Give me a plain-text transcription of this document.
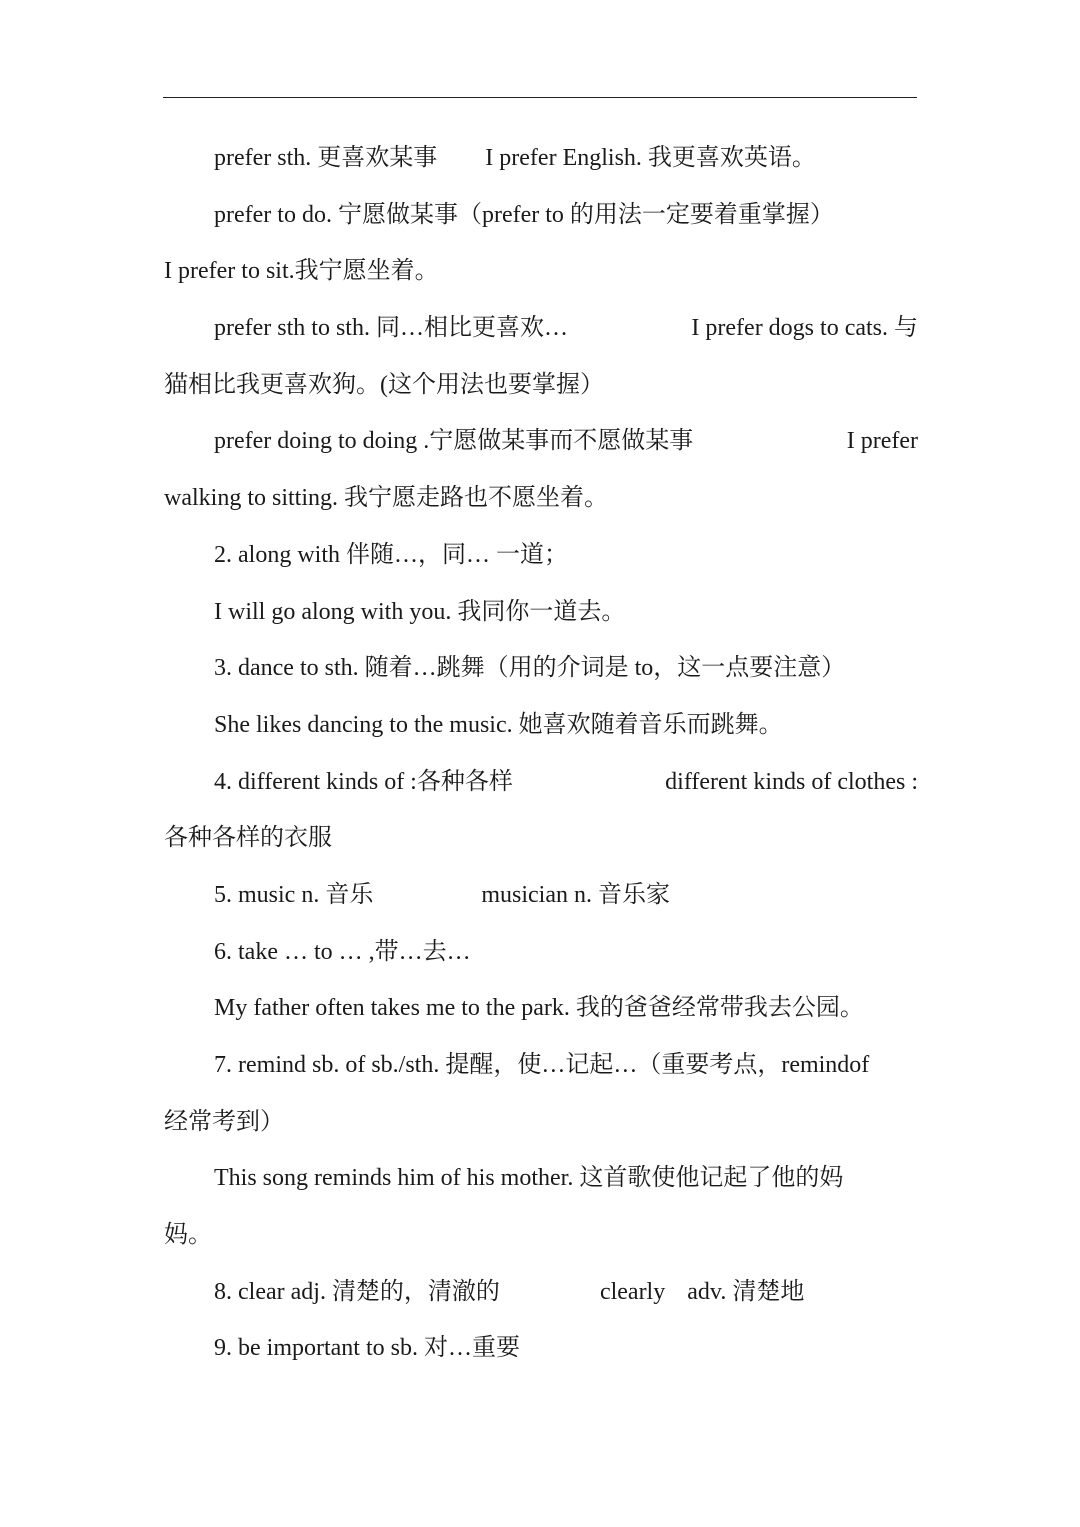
prefer sth. 更喜欢某事 I prefer English. 我更喜欢英语。
prefer to do. 宁愿做某事（prefer to 的用法一定要着重掌握）
I prefer to sit.我宁愿坐着。
prefer sth to sth. 同…相比更喜欢…	I prefer dogs to cats. 与
猫相比我更喜欢狗。(这个用法也要掌握）
prefer doing to doing .宁愿做某事而不愿做某事	I prefer
walking to sitting. 我宁愿走路也不愿坐着。
2. along with 伴随…，同… 一道；
I will go along with you. 我同你一道去。
3. dance to sth. 随着…跳舞（用的介词是 to，这一点要注意）
She likes dancing to the music. 她喜欢随着音乐而跳舞。
4. different kinds of :各种各样	different kinds of clothes :
各种各样的衣服
5. music n. 音乐	musician n. 音乐家
6. take … to … ,带…去…
My father often takes me to the park. 我的爸爸经常带我去公园。
7. remind sb. of sb./sth. 提醒，使…记起…（重要考点，remindof
经常考到）
This song reminds him of his mother. 这首歌使他记起了他的妈
妈。
8. clear adj. 清楚的，清澈的	clearly adv. 清楚地
9. be important to sb. 对…重要
